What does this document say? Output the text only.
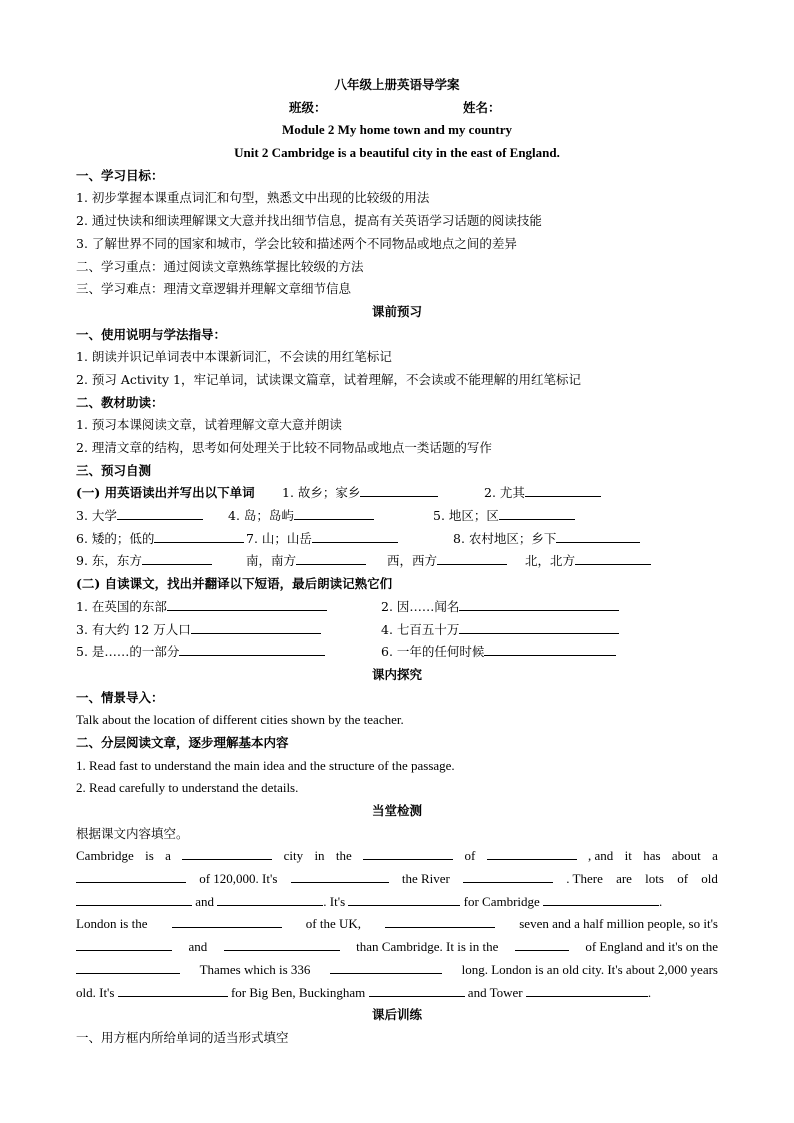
八年级上册英语导学案
班级：	姓名：
Module 2 My home town and my country
Unit 2 Cambridge is a beautiful city in the east of England.
一、学习目标：
1. 初步掌握本课重点词汇和句型，熟悉文中出现的比较级的用法
2. 通过快读和细读理解课文大意并找出细节信息，提高有关英语学习话题的阅读技能
3. 了解世界不同的国家和城市，学会比较和描述两个不同物品或地点之间的差异
二、学习重点：通过阅读文章熟练掌握比较级的方法
三、学习难点：理清文章逻辑并理解文章细节信息
课前预习
一、使用说明与学法指导：
1. 朗读并识记单词表中本课新词汇，不会读的用红笔标记
2. 预习 Activity 1，牢记单词，试读课文篇章，试着理解，不会读或不能理解的用红笔标记
二、教材助读：
1. 预习本课阅读文章，试着理解文章大意并朗读
2. 理清文章的结构，思考如何处理关于比较不同物品或地点一类话题的写作
三、预习自测
(一) 用英语读出并写出以下单词 1. 故乡；家乡	2. 尤其
3. 大学	4. 岛；岛屿	5. 地区；区
6. 矮的；低的	7. 山；山岳	8. 农村地区；乡下
9. 东，东方	南，南方	西，西方	北，北方
(二) 自读课文，找出并翻译以下短语，最后朗读记熟它们
1. 在英国的东部	2. 因……闻名
3. 有大约 12 万人口	4. 七百五十万
5. 是……的一部分	6. 一年的任何时候
课内探究
一、情景导入：
Talk about the location of different cities shown by the teacher.
二、分层阅读文章，逐步理解基本内容
1. Read fast to understand the main idea and the structure of the passage.
2. Read carefully to understand the details.
当堂检测
根据课文内容填空。
Cambridge is a	city in the	of	, and it has about a
of 120,000. It's	the River	. There are lots of old
and	. It's	for Cambridge	.
London is the	of the UK,	seven and a half million people, so it's
and	than Cambridge. It is in the	of England and it's on the
Thames which is 336	long. London is an old city. It's about 2,000 years
old. It's	for Big Ben, Buckingham	and Tower	.
课后训练
一、用方框内所给单词的适当形式填空
